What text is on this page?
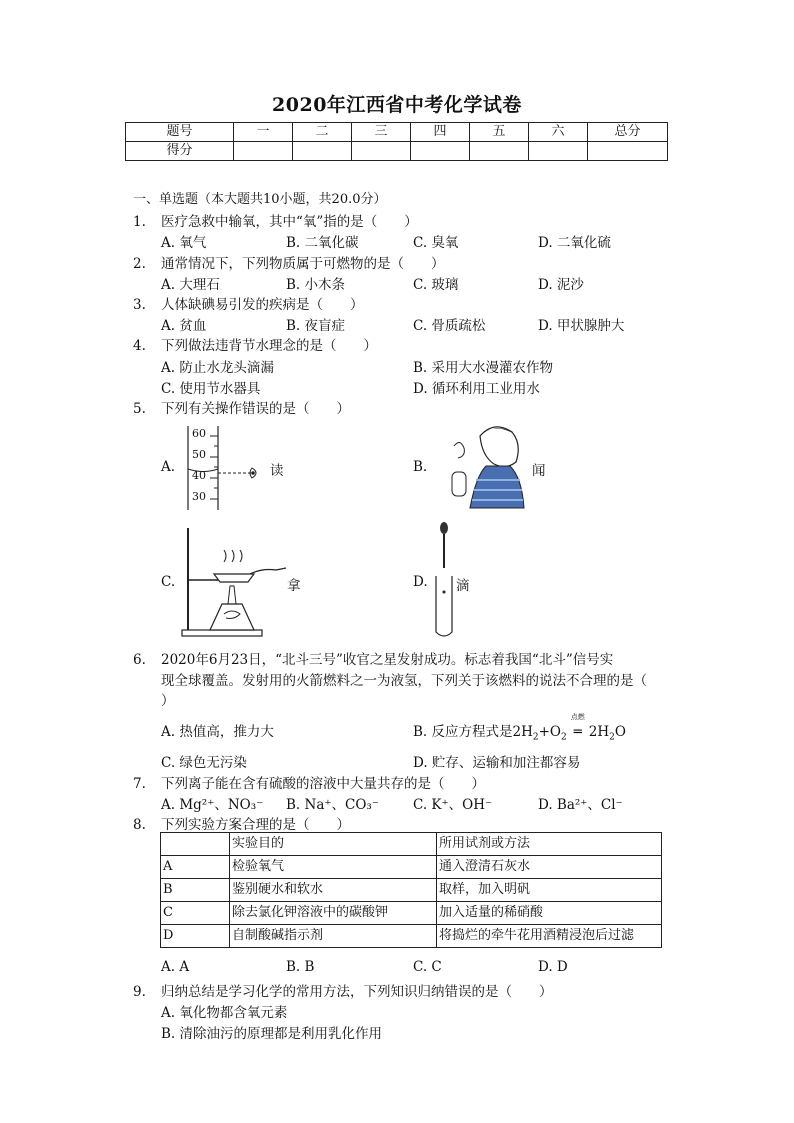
2020年江西省中考化学试卷
题号	一	二	三	四	五	六	总分
得分							
一、单选题（本大题共10小题，共20.0分）
1. 医疗急救中输氧，其中“氧”指的是（　　）
A. 氧气	B. 二氧化碳	C. 臭氧	D. 二氧化硫
2. 通常情况下，下列物质属于可燃物的是（　　）
A. 大理石	B. 小木条	C. 玻璃	D. 泥沙
3. 人体缺碘易引发的疾病是（　　）
A. 贫血	B. 夜盲症	C. 骨质疏松	D. 甲状腺肿大
4. 下列做法违背节水理念的是（　　）
A. 防止水龙头滴漏	B. 采用大水漫灌农作物
C. 使用节水器具	D. 循环利用工业用水
5. 下列有关操作错误的是（　　）
A.
60
50
40
30
读	B.	闻
C.	拿	D. 滴
6. 2020年6月23日，“北斗三号”收官之星发射成功。标志着我国“北斗”信号实
现全球覆盖。发射用的火箭燃料之一为液氢，下列关于该燃料的说法不合理的是（
）
A. 热值高，推力大	B. 反应方程式是$2H_2+O_2$
点燃
═ $2H_2O$
C. 绿色无污染	D. 贮存、运输和加注都容易
7. 下列离子能在含有硫酸的溶液中大量共存的是（　　）
A. Mg²⁺、NO₃⁻ B. Na⁺、CO₃⁻	C. K⁺、OH⁻	D. Ba²⁺、Cl⁻
8. 下列实验方案合理的是（　　）
	实验目的	所用试剂或方法
A	检验氧气	通入澄清石灰水
B	鉴别硬水和软水	取样，加入明矾
C	除去氯化钾溶液中的碳酸钾	加入适量的稀硝酸
D	自制酸碱指示剂	将捣烂的牵牛花用酒精浸泡后过滤
A. A	B. B	C. C	D. D
9. 归纳总结是学习化学的常用方法，下列知识归纳错误的是（　　）
A. 氧化物都含氧元素
B. 清除油污的原理都是利用乳化作用
